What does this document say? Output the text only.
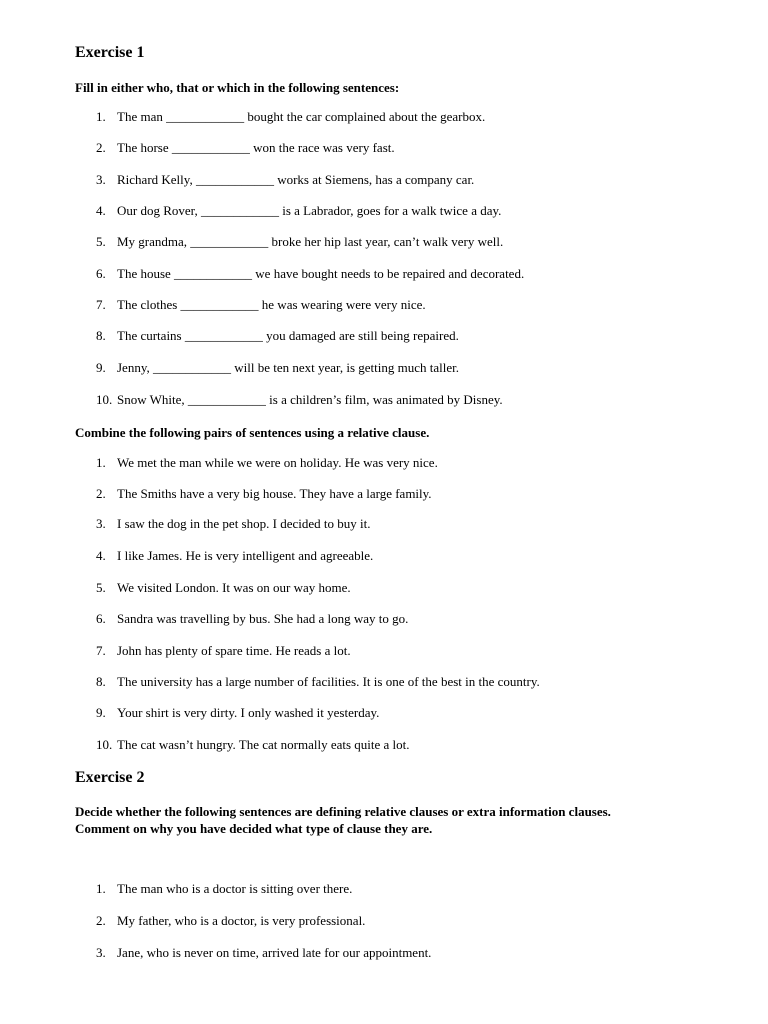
Exercise 1
Fill in either who, that or which in the following sentences:
1. The man ____________ bought the car complained about the gearbox.
2. The horse ____________ won the race was very fast.
3. Richard Kelly, ____________ works at Siemens, has a company car.
4. Our dog Rover, ____________ is a Labrador, goes for a walk twice a day.
5. My grandma, ____________ broke her hip last year, can’t walk very well.
6. The house ____________ we have bought needs to be repaired and decorated.
7. The clothes ____________ he was wearing were very nice.
8. The curtains ____________ you damaged are still being repaired.
9. Jenny, ____________ will be ten next year, is getting much taller.
10. Snow White, ____________ is a children’s film, was animated by Disney.
Combine the following pairs of sentences using a relative clause.
1. We met the man while we were on holiday. He was very nice.
2. The Smiths have a very big house. They have a large family.
3. I saw the dog in the pet shop. I decided to buy it.
4. I like James. He is very intelligent and agreeable.
5. We visited London. It was on our way home.
6. Sandra was travelling by bus. She had a long way to go.
7. John has plenty of spare time. He reads a lot.
8. The university has a large number of facilities. It is one of the best in the country.
9. Your shirt is very dirty. I only washed it yesterday.
10. The cat wasn’t hungry. The cat normally eats quite a lot.
Exercise 2
Decide whether the following sentences are defining relative clauses or extra information clauses.
Comment on why you have decided what type of clause they are.
1. The man who is a doctor is sitting over there.
2. My father, who is a doctor, is very professional.
3. Jane, who is never on time, arrived late for our appointment.
